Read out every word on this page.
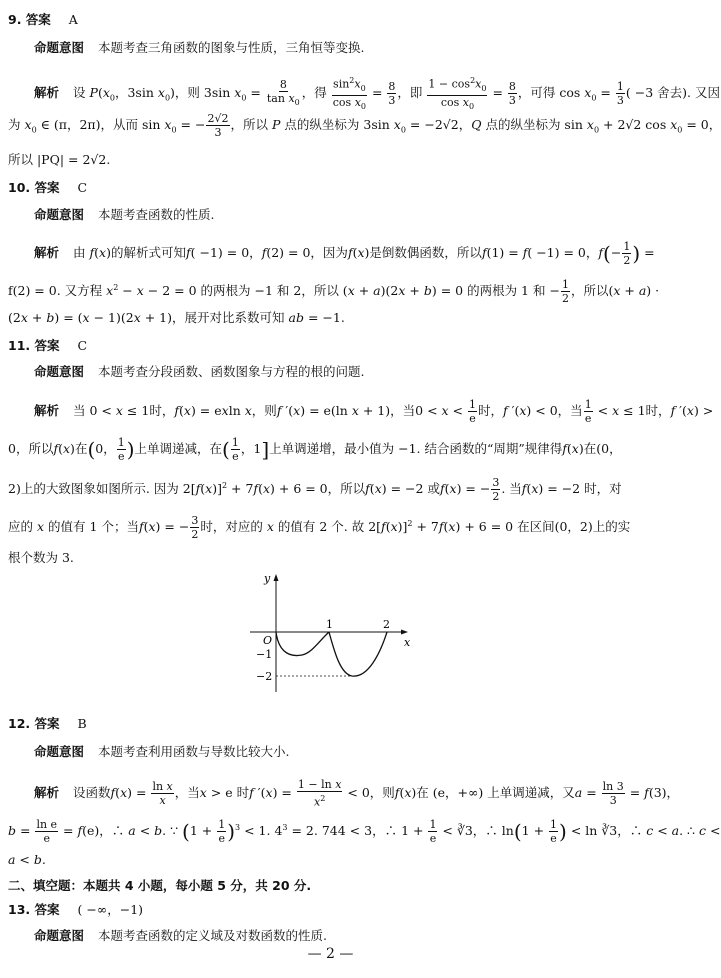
9. 答案 A
命题意图 本题考查三角函数的图象与性质，三角恒等变换.
解析 设 $P(x_0$，3sin $x_0$)，则 3sin $x_0 = \frac{8}{\tan x_0}$ ，得 $\frac{\sin^2x_0}{\cos x_0} = \frac{8}{3}$ ，即 $\frac{1 - \cos^2x_0}{\cos x_0} = \frac{8}{3}$ ，可得 $\cos x_0 = \frac{1}{3}$ ( −3 舍去). 又因
为 $x_0$ ∈ (π，2π)，从而 $\sin x_0$ = − $\frac{2√2}{3}$ ，所以 P 点的纵坐标为 3sin $x_0 = -2√2$，Q 点的纵坐标为 $\sin x_0 + 2√2$ $\cos x_0 = 0$，
所以 |PQ| = 2√2.
10. 答案 C
命题意图 本题考查函数的性质.
解析 由 f(x)的解析式可知f( −1) = 0，f(2) = 0，因为f(x)是倒数偶函数，所以f(1) = f( −1) = 0，$f(- \frac{1}{2}$ ) =
f(2) = 0. 又方程 $x^2 - x - 2 = 0$ 的两根为 −1 和 2，所以 (x + a)(2x + b) = 0 的两根为 1 和 − $\frac{1}{2}$ ，所以(x + a) ·
(2x + b) = (x − 1)(2x + 1)，展开对比系数可知 ab = −1.
11. 答案 C
命题意图 本题考查分段函数、函数图象与方程的根的问题.
解析 当 0 < x ≤ 1时，f(x) = exln x，则f ′(x) = e(ln x + 1)，当$0 < x < \frac{1}{e}$ 时，f ′(x) < 0，当 $\frac{1}{e} < x \le 1$时，f ′(x) >
0，所以f(x)在(0， $\frac{1}{e}$ )上单调递减，在( $\frac{1}{e}$ ，1]上单调递增，最小值为 −1. 结合函数的“周期”规律得f(x)在(0，
2)上的大致图象如图所示. 因为 $2[f(x)]^2 + 7f(x) + 6 = 0$，所以f(x) = −2 或f(x) = − $\frac{3}{2}$ . 当f(x) = −2 时，对
应的 x 的值有 1 个；当f(x) = − $\frac{3}{2}$ 时，对应的 x 的值有 2 个. 故 $2[f(x)]^2 + 7f(x) + 6 = 0$ 在区间(0，2)上的实
根个数为 3.
y
x
O
1	2
−1
−2
12. 答案 B
命题意图 本题考查利用函数与导数比较大小.
解析 设函数$f(x) = \frac{\text{ln x}}{x}$ ，当x > e 时f $'(x) = \frac{\text{1 − ln x}}{x^2} < 0$，则f(x)在 (e，+∞) 上单调递减，又$a = \frac{\ln 3}{3} = f(3)$，
$b = \frac{\text{ln e}}{e} = f(e)$，∴ a < b. ∵ $(1 + \frac{1}{e} )^3 < 1$. $4^3 = 2$. 744 < 3，∴ $1 + \frac{1}{e}$ < ∛3，∴ $\ln(1 + \frac{1}{e}$ ) < ln ∛3，∴ c < a. ∴ c <
a < b.
二、填空题：本题共 4 小题，每小题 5 分，共 20 分.
13. 答案 ( −∞，−1)
命题意图 本题考查函数的定义域及对数函数的性质.
— 2 —
